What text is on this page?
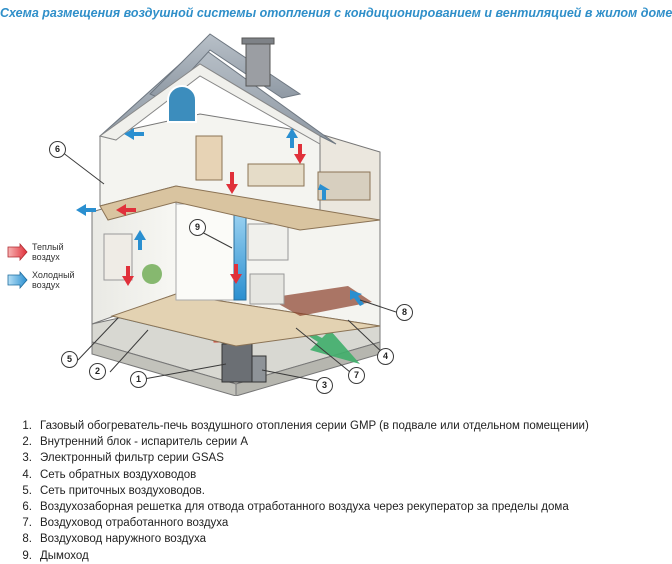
Схема размещения воздушной системы отопления с кондиционированием и вентиляцией в жилом доме
1
2
3
4
5
6
7
8
9
Теплый воздух
Холодный воздух
1. Газовый обогреватель-печь воздушного отопления серии GMP (в подвале или отдельном помещении)
2. Внутренний блок - испаритель серии A
3. Электронный фильтр серии GSAS
4. Сеть обратных воздуховодов
5. Сеть приточных воздуховодов.
6. Воздухозаборная решетка для отвода отработанного воздуха через рекуператор за пределы дома
7. Воздуховод отработанного воздуха
8. Воздуховод наружного воздуха
9. Дымоход
